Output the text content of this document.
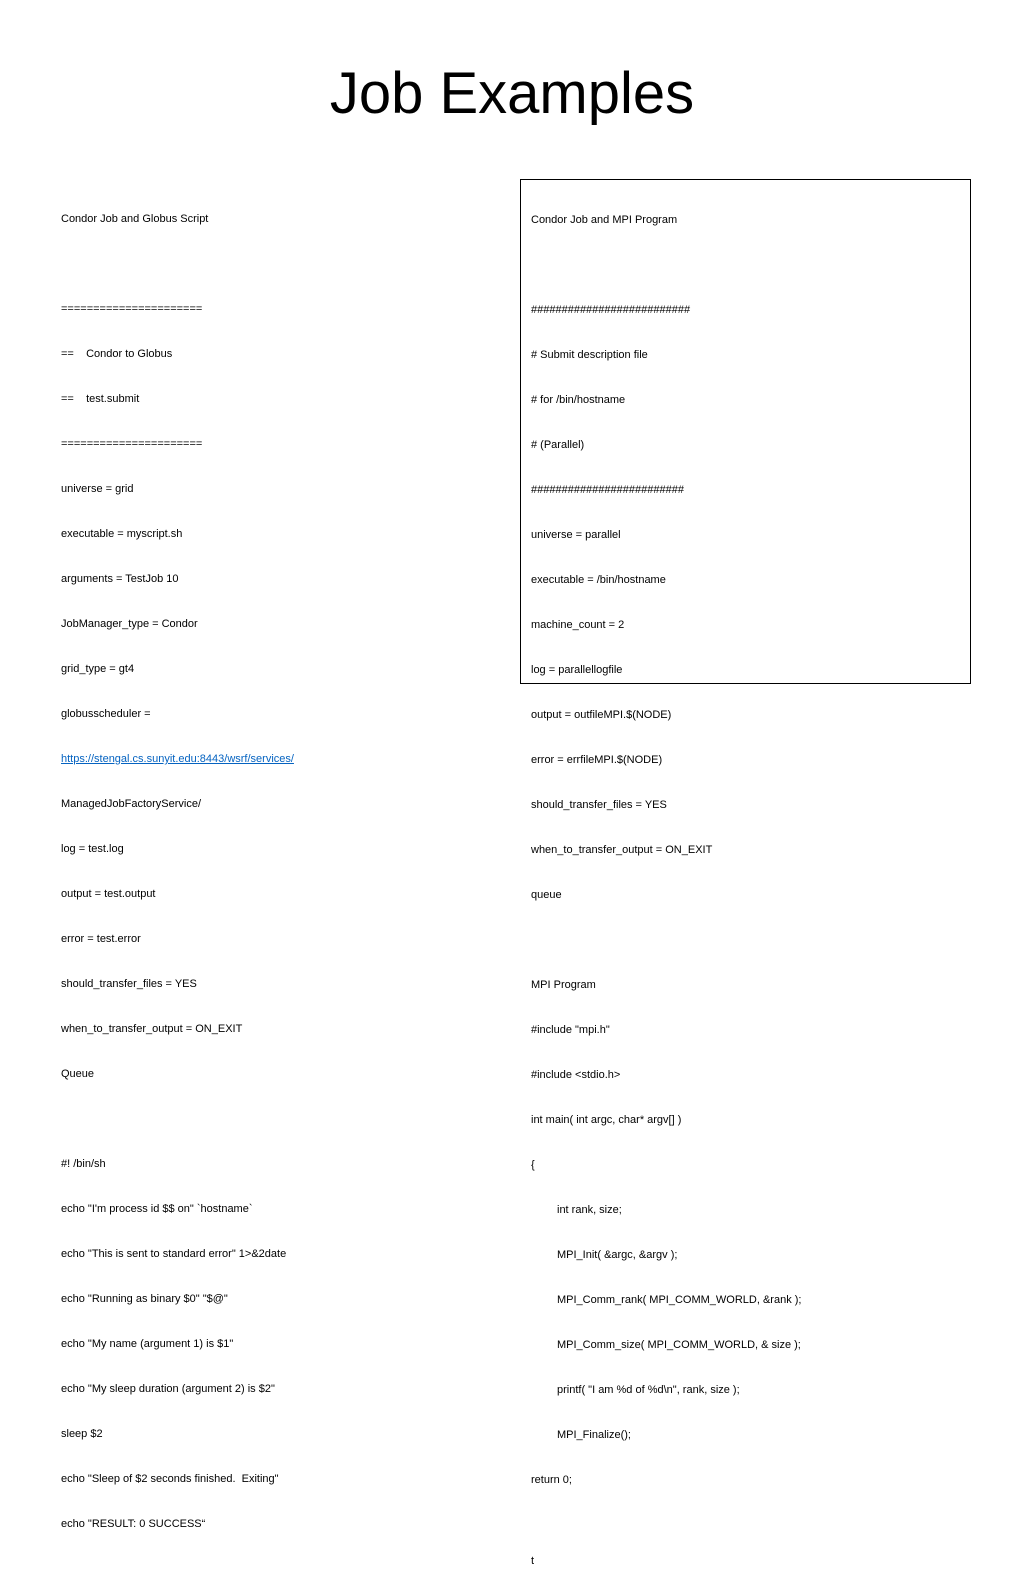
Job Examples

Condor Job and Globus Script

======================

==    Condor to Globus

==    test.submit

======================

universe = grid

executable = myscript.sh

arguments = TestJob 10

JobManager_type = Condor

grid_type = gt4

globusscheduler =

https://stengal.cs.sunyit.edu:8443/wsrf/services/

ManagedJobFactoryService/

log = test.log

output = test.output

error = test.error

should_transfer_files = YES

when_to_transfer_output = ON_EXIT

Queue

#! /bin/sh

echo "I'm process id $$ on" `hostname`

echo "This is sent to standard error" 1>&2date

echo "Running as binary $0" "$@"

echo "My name (argument 1) is $1"

echo "My sleep duration (argument 2) is $2"

sleep $2

echo "Sleep of $2 seconds finished.  Exiting"

echo "RESULT: 0 SUCCESS“

Condor Job and MPI Program

##########################

# Submit description file

# for /bin/hostname

# (Parallel)

#########################

universe = parallel

executable = /bin/hostname

machine_count = 2

log = parallellogfile

output = outfileMPI.$(NODE)

error = errfileMPI.$(NODE)

should_transfer_files = YES

when_to_transfer_output = ON_EXIT

queue

MPI Program

#include "mpi.h"

#include <stdio.h>

int main( int argc, char* argv[] )

{

int rank, size;

MPI_Init( &argc, &argv );

MPI_Comm_rank( MPI_COMM_WORLD, &rank );

MPI_Comm_size( MPI_COMM_WORLD, & size );

printf( "I am %d of %d\n", rank, size );

MPI_Finalize();

return 0;

t
